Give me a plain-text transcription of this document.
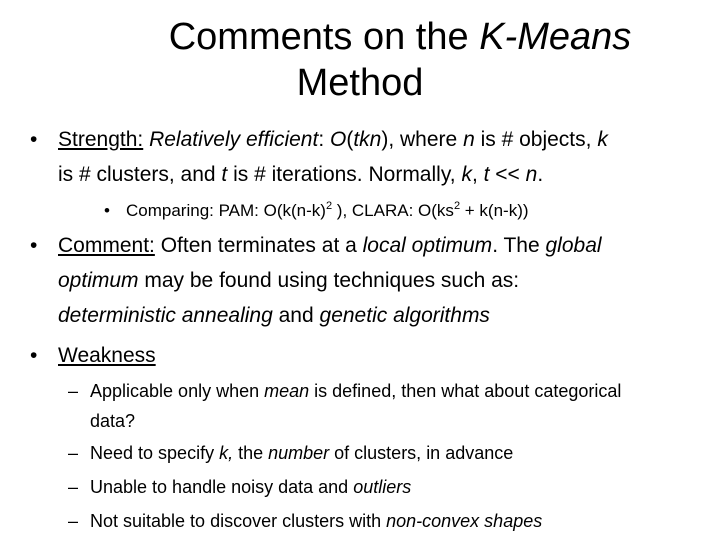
Comments on the K-Means
Method
• Strength: Relatively efficient: O(tkn), where n is # objects, k
is # clusters, and t is # iterations. Normally, k, t << n.
• Comparing: PAM: $O(k(n-k)^2$ ), CLARA: $O(ks^2 + k(n-k))$
• Comment: Often terminates at a local optimum. The global
optimum may be found using techniques such as:
deterministic annealing and genetic algorithms
• Weakness
– Applicable only when mean is defined, then what about categorical
data?
– Need to specify k, the number of clusters, in advance
– Unable to handle noisy data and outliers
– Not suitable to discover clusters with non-convex shapes
